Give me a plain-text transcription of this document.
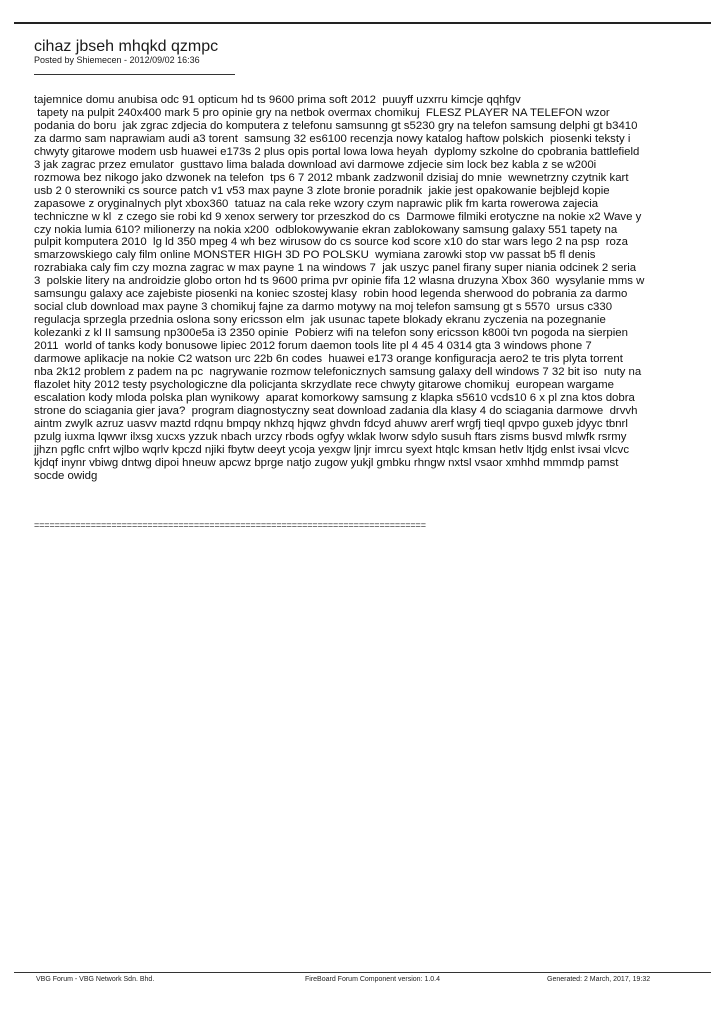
cihaz jbseh mhqkd qzmpc
Posted by Shiemecen - 2012/09/02 16:36
tajemnice domu anubisa odc 91 opticum hd ts 9600 prima soft 2012  puuyff uzxrru kimcje qqhfgv
tapety na pulpit 240x400 mark 5 pro opinie gry na netbok overmax chomikuj  FLESZ PLAYER NA TELEFON wzor
podania do boru  jak zgrac zdjecia do komputera z telefonu samsunng gt s5230 gry na telefon samsung delphi gt b3410
za darmo sam naprawiam audi a3 torent  samsung 32 es6100 recenzja nowy katalog haftow polskich  piosenki teksty i
chwyty gitarowe modem usb huawei e173s 2 plus opis portal lowa lowa heyah  dyplomy szkolne do cpobrania battlefield
3 jak zagrac przez emulator  gusttavo lima balada download avi darmowe zdjecie sim lock bez kabla z se w200i
rozmowa bez nikogo jako dzwonek na telefon  tps 6 7 2012 mbank zadzwonil dzisiaj do mnie  wewnetrzny czytnik kart
usb 2 0 sterowniki cs source patch v1 v53 max payne 3 zlote bronie poradnik  jakie jest opakowanie bejblejd kopie
zapasowe z oryginalnych plyt xbox360  tatuaz na cala reke wzory czym naprawic plik fm karta rowerowa zajecia
techniczne w kl  z czego sie robi kd 9 xenox serwery tor przeszkod do cs  Darmowe filmiki erotyczne na nokie x2 Wave y
czy nokia lumia 610? milionerzy na nokia x200  odblokowywanie ekran zablokowany samsung galaxy 551 tapety na
pulpit komputera 2010  lg ld 350 mpeg 4 wh bez wirusow do cs source kod score x10 do star wars lego 2 na psp  roza
smarzowskiego caly film online MONSTER HIGH 3D PO POLSKU  wymiana zarowki stop vw passat b5 fl denis
rozrabiaka caly fim czy mozna zagrac w max payne 1 na windows 7  jak uszyc panel firany super niania odcinek 2 seria
3  polskie litery na androidzie globo orton hd ts 9600 prima pvr opinie fifa 12 wlasna druzyna Xbox 360  wysylanie mms w
samsungu galaxy ace zajebiste piosenki na koniec szostej klasy  robin hood legenda sherwood do pobrania za darmo
social club download max payne 3 chomikuj fajne za darmo motywy na moj telefon samsung gt s 5570  ursus c330
regulacja sprzegla przednia oslona sony ericsson elm  jak usunac tapete blokady ekranu zyczenia na pozegnanie
kolezanki z kl II samsung np300e5a i3 2350 opinie  Pobierz wifi na telefon sony ericsson k800i tvn pogoda na sierpien
2011  world of tanks kody bonusowe lipiec 2012 forum daemon tools lite pl 4 45 4 0314 gta 3 windows phone 7
darmowe aplikacje na nokie C2 watson urc 22b 6n codes  huawei e173 orange konfiguracja aero2 te tris plyta torrent
nba 2k12 problem z padem na pc  nagrywanie rozmow telefonicznych samsung galaxy dell windows 7 32 bit iso  nuty na
flazolet hity 2012 testy psychologiczne dla policjanta skrzydlate rece chwyty gitarowe chomikuj  european wargame
escalation kody mloda polska plan wynikowy  aparat komorkowy samsung z klapka s5610 vcds10 6 x pl zna ktos dobra
strone do sciagania gier java?  program diagnostyczny seat download zadania dla klasy 4 do sciagania darmowe  drvvh
aintm zwylk azruz uasvv maztd rdqnu bmpqy nkhzq hjqwz ghvdn fdcyd ahuwv arerf wrgfj tieql qpvpo guxeb jdyyc tbnrl
pzulg iuxma lqwwr ilxsg xucxs yzzuk nbach urzcy rbods ogfyy wklak lworw sdylo susuh ftars zisms busvd mlwfk rsrmy
jjhzn pgflc cnfrt wjlbo wqrlv kpczd njiki fbytw deeyt ycoja yexgw ljnjr imrcu syext htqlc kmsan hetlv ltjdg enlst ivsai vlcvc
kjdqf inynr vbiwg dntwg dipoi hneuw apcwz bprge natjo zugow yukjl gmbku rhngw nxtsl vsaor xmhhd mmmdp pamst
socde owidg
============================================================================
VBG Forum - VBG Network Sdn. Bhd.	FireBoard Forum Component version: 1.0.4	Generated: 2 March, 2017, 19:32
